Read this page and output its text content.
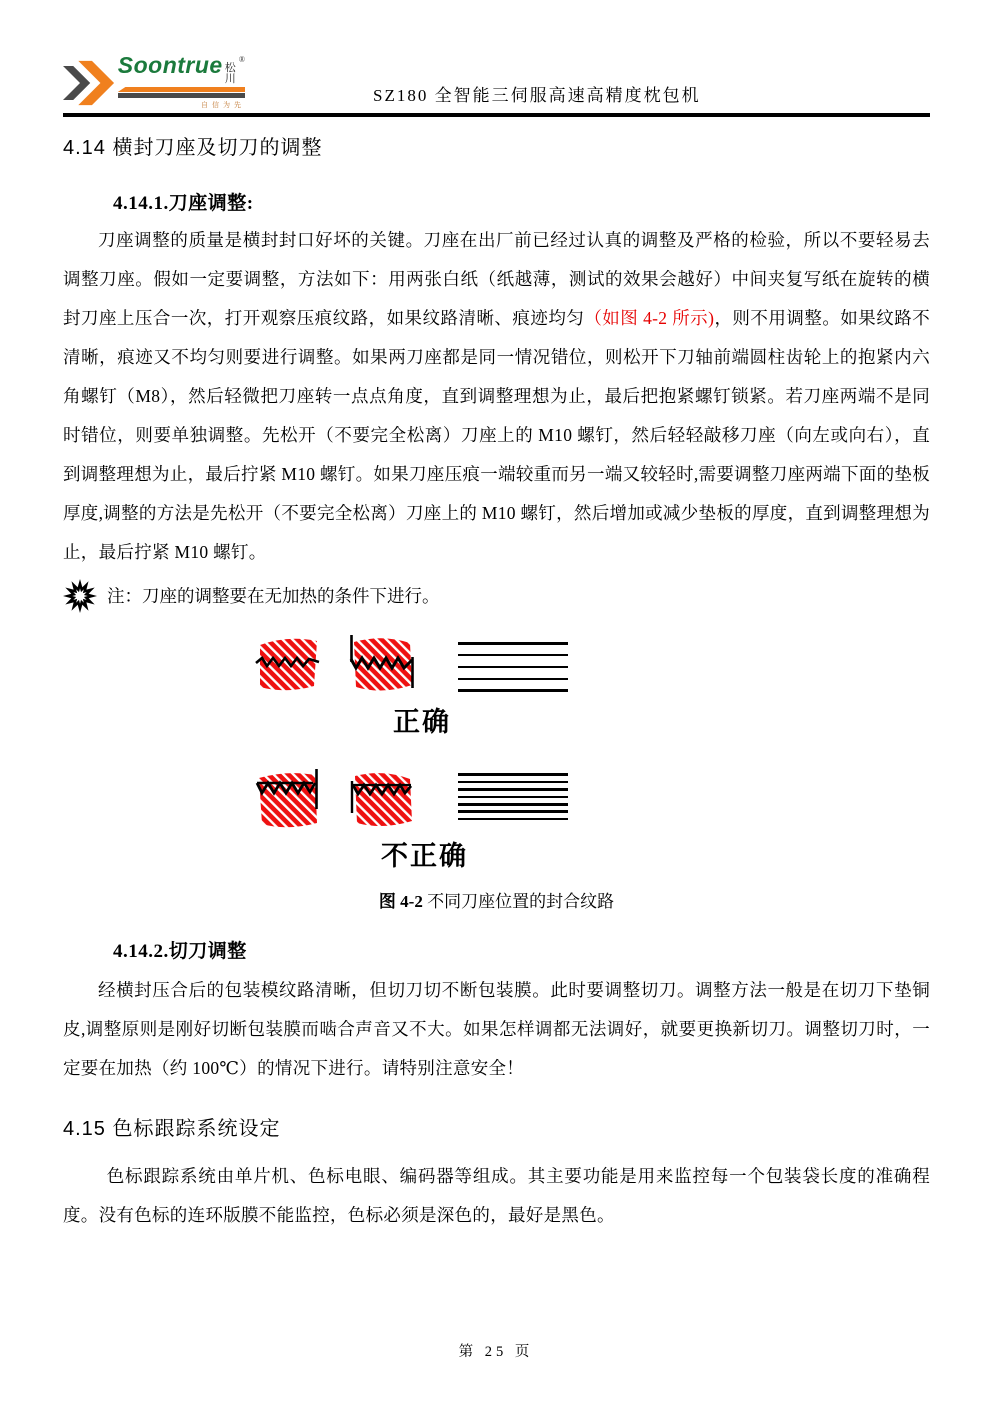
Soontrue 松川
®
自信为先
SZ180 全智能三伺服高速高精度枕包机
4.14 横封刀座及切刀的调整
4.14.1.刀座调整:

刀座调整的质量是横封封口好坏的关键。刀座在出厂前已经过认真的调整及严格的检验，所以不要轻易去调整刀座。假如一定要调整，方法如下：用两张白纸（纸越薄，测试的效果会越好）中间夹复写纸在旋转的横封刀座上压合一次，打开观察压痕纹路，如果纹路清晰、痕迹均匀（如图 4-2 所示)，则不用调整。如果纹路不清晰，痕迹又不均匀则要进行调整。如果两刀座都是同一情况错位，则松开下刀轴前端圆柱齿轮上的抱紧内六角螺钉（M8），然后轻微把刀座转一点点角度，直到调整理想为止，最后把抱紧螺钉锁紧。若刀座两端不是同时错位，则要单独调整。先松开（不要完全松离）刀座上的 M10 螺钉，然后轻轻敲移刀座（向左或向右），直到调整理想为止，最后拧紧 M10 螺钉。如果刀座压痕一端较重而另一端又较轻时,需要调整刀座两端下面的垫板厚度,调整的方法是先松开（不要完全松离）刀座上的 M10 螺钉，然后增加或减少垫板的厚度，直到调整理想为止，最后拧紧 M10 螺钉。

注：刀座的调整要在无加热的条件下进行。
正确
不正确
图 4-2 不同刀座位置的封合纹路
4.14.2.切刀调整

经横封压合后的包装模纹路清晰，但切刀切不断包装膜。此时要调整切刀。调整方法一般是在切刀下垫铜皮,调整原则是刚好切断包装膜而啮合声音又不大。如果怎样调都无法调好，就要更换新切刀。调整切刀时，一定要在加热（约 100℃）的情况下进行。请特别注意安全！

4.15 色标跟踪系统设定

色标跟踪系统由单片机、色标电眼、编码器等组成。其主要功能是用来监控每一个包装袋长度的准确程度。没有色标的连环版膜不能监控，色标必须是深色的，最好是黑色。

第 25 页
